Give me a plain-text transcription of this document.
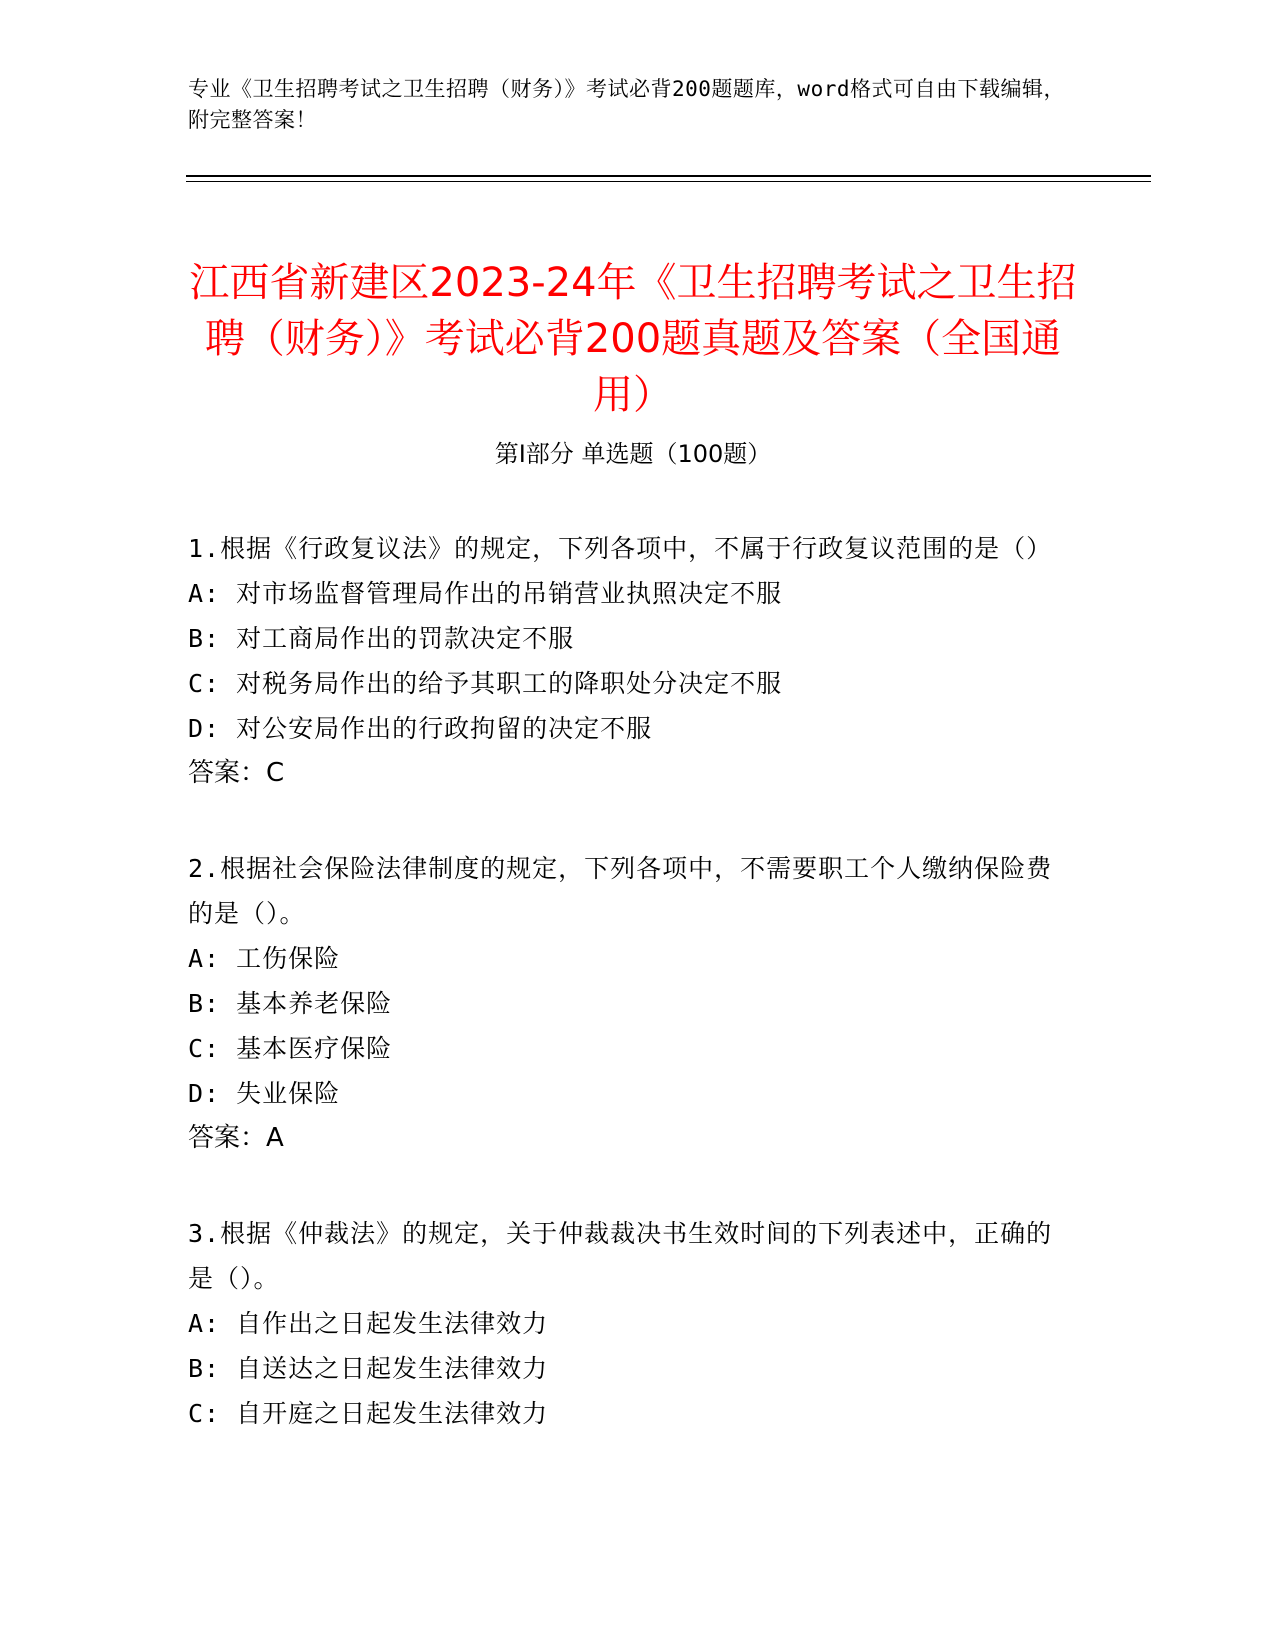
专业《卫生招聘考试之卫生招聘（财务）》考试必背200题题库，word格式可自由下载编辑，附完整答案！
江西省新建区2023-24年《卫生招聘考试之卫生招聘（财务）》考试必背200题真题及答案（全国通用）
第I部分 单选题（100题）

1.根据《行政复议法》的规定，下列各项中，不属于行政复议范围的是（）

A: 对市场监督管理局作出的吊销营业执照决定不服

B: 对工商局作出的罚款决定不服

C: 对税务局作出的给予其职工的降职处分决定不服

D: 对公安局作出的行政拘留的决定不服

答案：C

2.根据社会保险法律制度的规定，下列各项中，不需要职工个人缴纳保险费的是（）。

A: 工伤保险

B: 基本养老保险

C: 基本医疗保险

D: 失业保险

答案：A

3.根据《仲裁法》的规定，关于仲裁裁决书生效时间的下列表述中，正确的是（）。

A: 自作出之日起发生法律效力

B: 自送达之日起发生法律效力

C: 自开庭之日起发生法律效力
